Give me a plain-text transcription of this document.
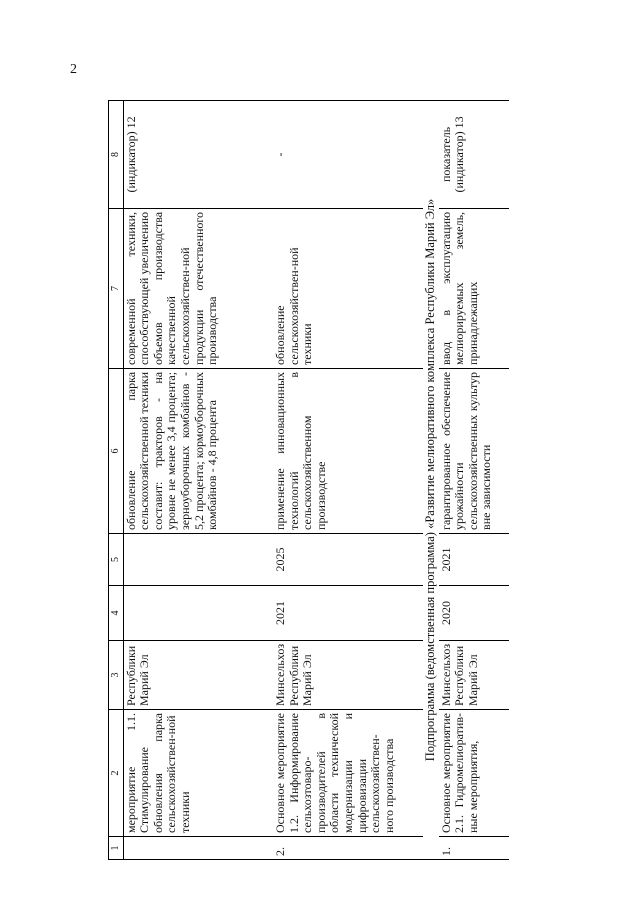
2
1	2	3	4	5	6	7	8
	мероприятие 1.1. Стимулирование обновления парка сельскохозяйствен-ной техники	Республики Марий Эл			обновление парка сельскохозяйственной техники составит: тракторов - на уровне не менее 3,4 процента; зерноуборочных комбайнов - 5,2 процента; кормоуборочных комбайнов - 4,8 процента	современной техники, способствующей увеличению объемов производства качественной сельскохозяйствен-ной продукции отечественного производства	(индикатор) 12
2.	Основное мероприятие 1.2. Информирование сельхозтоваро-производителей в области технической модернизации и цифровизации сельскохозяйствен-ного производства	Минсельхоз Республики Марий Эл	2021	2025	применение инновационных технологий в сельскохозяйственном производстве	обновление сельскохозяйствен-ной техники	-
Подпрограмма (ведомственная программа) «Развитие мелиоративного комплекса Республики Марий Эл»							
1.	Основное мероприятие 2.1. Гидромелиоратив-ные мероприятия,	Минсельхоз Республики Марий Эл	2020	2021	гарантированное обеспечение урожайности сельскохозяйственных культур вне зависимости	ввод в эксплуатацию мелиорируемых земель, принадлежащих	показатель (индикатор) 13
